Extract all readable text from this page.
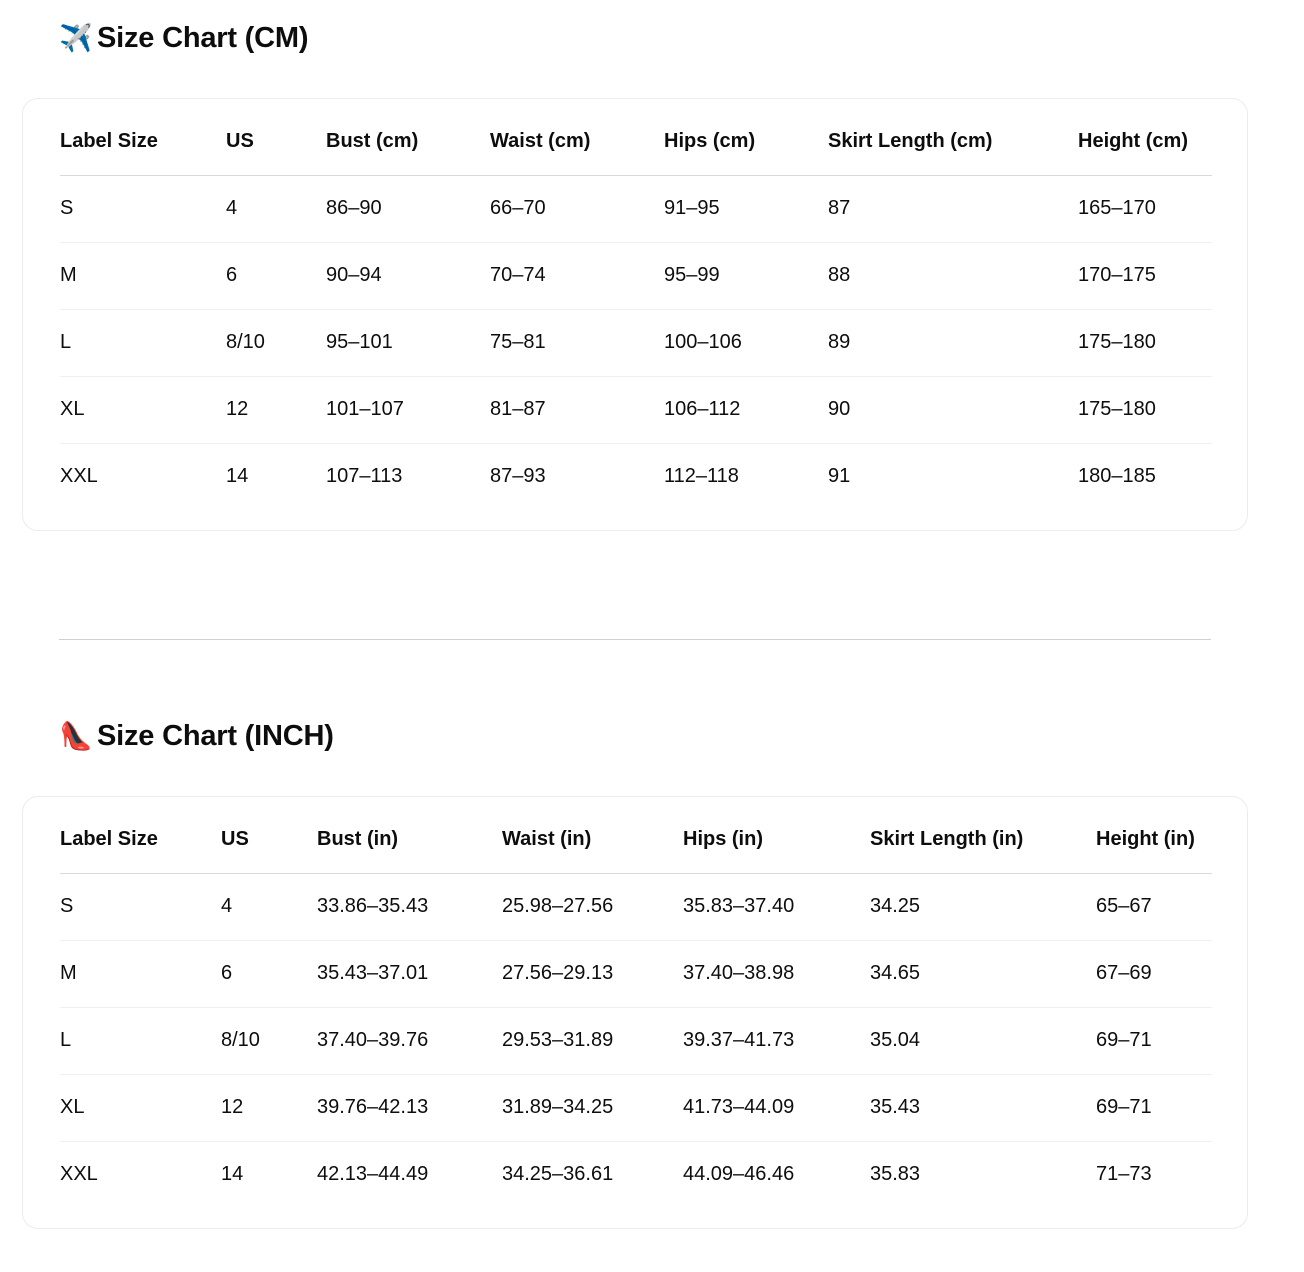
✈️ Size Chart (CM)
Label Size	US	Bust (cm)	Waist (cm)	Hips (cm)	Skirt Length (cm)	Height (cm)
S	4	86–90	66–70	91–95	87	165–170
M	6	90–94	70–74	95–99	88	170–175
L	8/10	95–101	75–81	100–106	89	175–180
XL	12	101–107	81–87	106–112	90	175–180
XXL	14	107–113	87–93	112–118	91	180–185
👠 Size Chart (INCH)
Label Size	US	Bust (in)	Waist (in)	Hips (in)	Skirt Length (in)	Height (in)
S	4	33.86–35.43	25.98–27.56	35.83–37.40	34.25	65–67
M	6	35.43–37.01	27.56–29.13	37.40–38.98	34.65	67–69
L	8/10	37.40–39.76	29.53–31.89	39.37–41.73	35.04	69–71
XL	12	39.76–42.13	31.89–34.25	41.73–44.09	35.43	69–71
XXL	14	42.13–44.49	34.25–36.61	44.09–46.46	35.83	71–73
